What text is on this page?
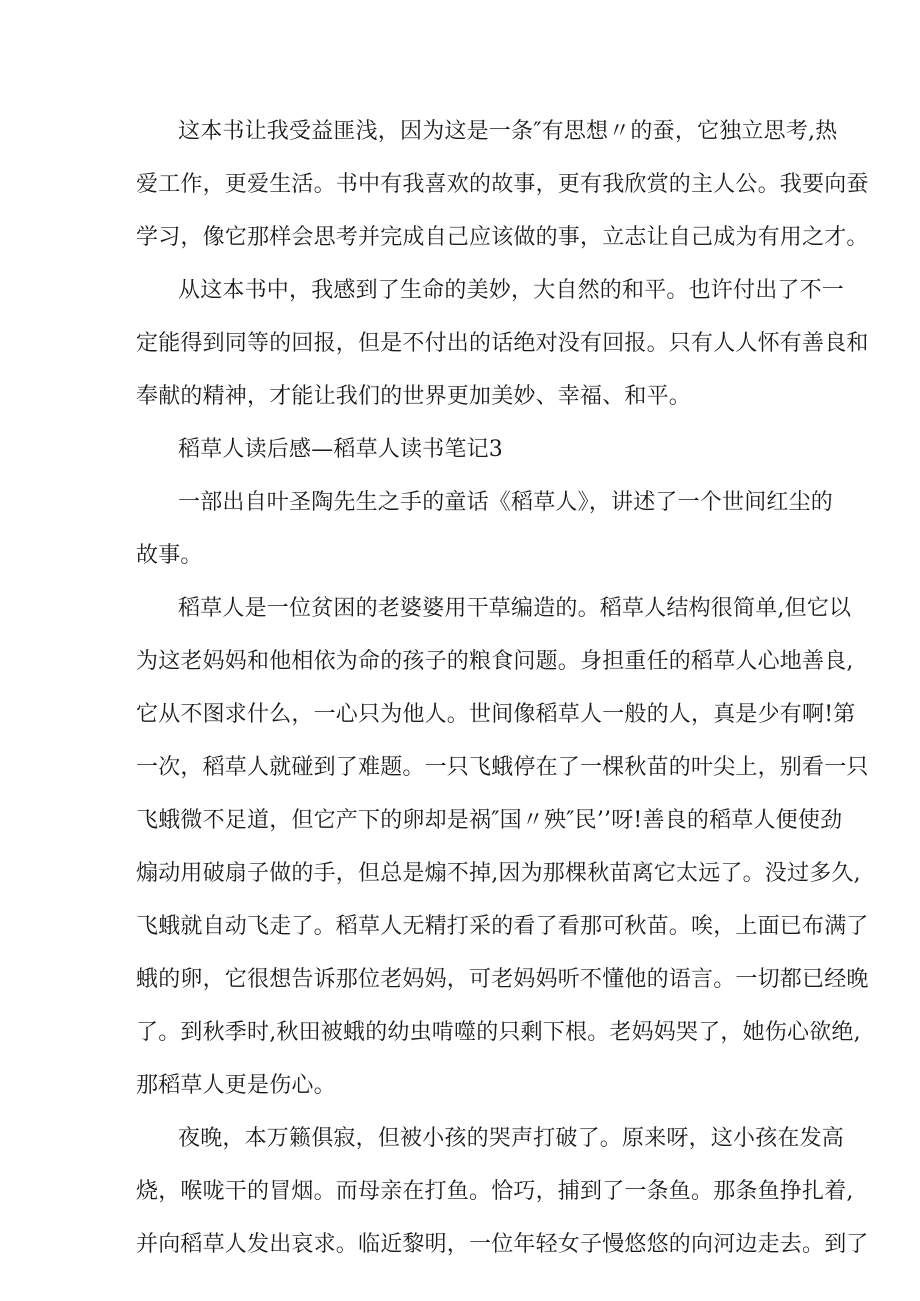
这本书让我受益匪浅，因为这是一条″有思想〃的蚕，它独立思考,热
爱工作，更爱生活。书中有我喜欢的故事，更有我欣赏的主人公。我要向蚕
学习，像它那样会思考并完成自己应该做的事，立志让自己成为有用之才。
从这本书中，我感到了生命的美妙，大自然的和平。也许付出了不一
定能得到同等的回报，但是不付出的话绝对没有回报。只有人人怀有善良和
奉献的精神，才能让我们的世界更加美妙、幸福、和平。
稻草人读后感—稻草人读书笔记3
一部出自叶圣陶先生之手的童话《稻草人》，讲述了一个世间红尘的
故事。
稻草人是一位贫困的老婆婆用干草编造的。稻草人结构很简单,但它以
为这老妈妈和他相依为命的孩子的粮食问题。身担重任的稻草人心地善良,
它从不图求什么，一心只为他人。世间像稻草人一般的人，真是少有啊!第
一次，稻草人就碰到了难题。一只飞蛾停在了一棵秋苗的叶尖上，别看一只
飞蛾微不足道，但它产下的卵却是祸″国〃殃″民’’呀!善良的稻草人便使劲
煽动用破扇子做的手，但总是煽不掉,因为那棵秋苗离它太远了。没过多久,
飞蛾就自动飞走了。稻草人无精打采的看了看那可秋苗。唉，上面已布满了
蛾的卵，它很想告诉那位老妈妈，可老妈妈听不懂他的语言。一切都已经晚
了。到秋季时,秋田被蛾的幼虫啃噬的只剩下根。老妈妈哭了，她伤心欲绝,
那稻草人更是伤心。
夜晚，本万籁俱寂，但被小孩的哭声打破了。原来呀，这小孩在发高
烧，喉咙干的冒烟。而母亲在打鱼。恰巧，捕到了一条鱼。那条鱼挣扎着,
并向稻草人发出哀求。临近黎明，一位年轻女子慢悠悠的向河边走去。到了
